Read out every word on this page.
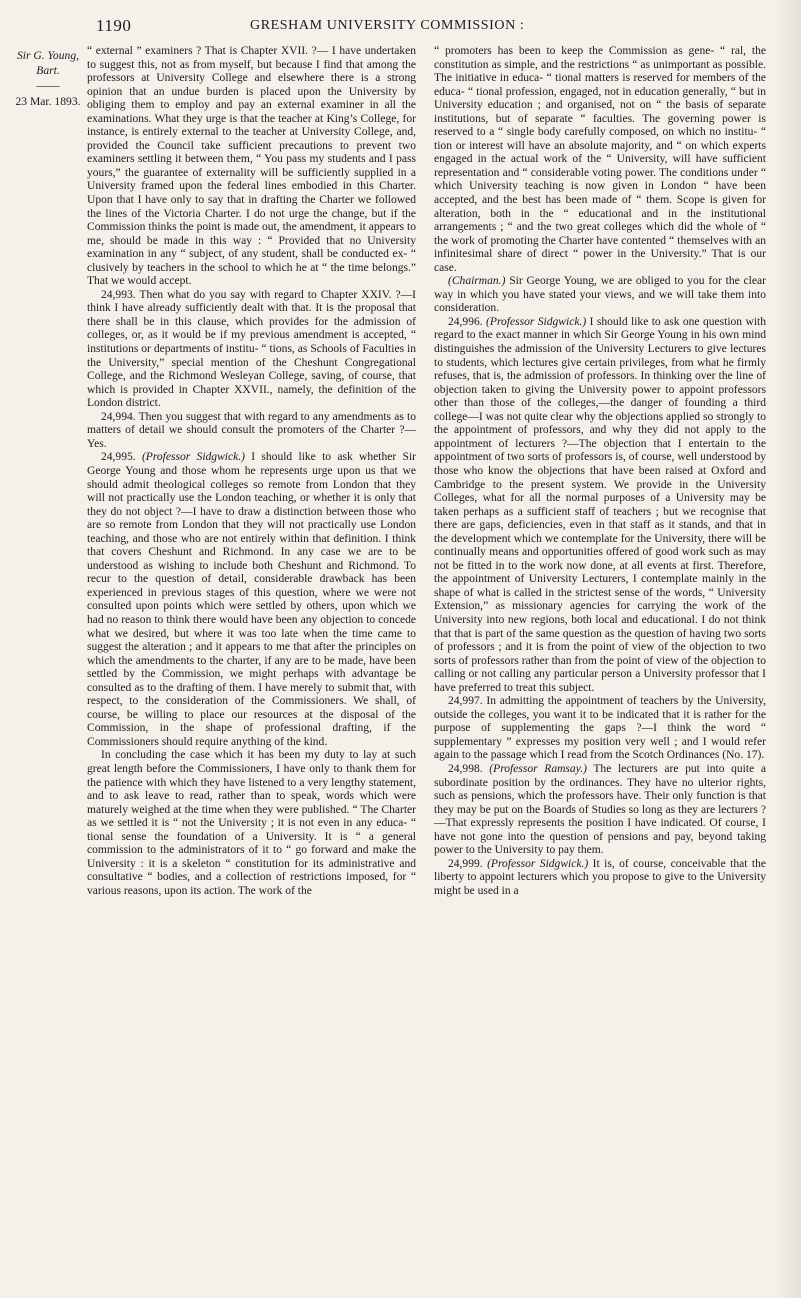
1190	GRESHAM UNIVERSITY COMMISSION :
Sir G. Young, Bart.
——
23 Mar. 1893.

“ external ” examiners ? That is Chapter XVII. ?— I have undertaken to suggest this, not as from myself, but because I find that among the professors at University College and elsewhere there is a strong opinion that an undue burden is placed upon the University by obliging them to employ and pay an external examiner in all the examinations. What they urge is that the teacher at King’s College, for instance, is entirely external to the teacher at University College, and, provided the Council take sufficient precautions to prevent two examiners settling it between them, “ You pass my students and I pass yours,” the guarantee of externality will be sufficiently supplied in a University framed upon the federal lines embodied in this Charter. Upon that I have only to say that in drafting the Charter we followed the lines of the Victoria Charter. I do not urge the change, but if the Commission thinks the point is made out, the amendment, it appears to me, should be made in this way : “ Provided that no University examination in any “ subject, of any student, shall be conducted ex- “ clusively by teachers in the school to which he at “ the time belongs.” That we would accept.

24,993. Then what do you say with regard to Chapter XXIV. ?—I think I have already sufficiently dealt with that. It is the proposal that there shall be in this clause, which provides for the admission of colleges, or, as it would be if my previous amendment is accepted, “ institutions or departments of institu- “ tions, as Schools of Faculties in the University,” special mention of the Cheshunt Congregational College, and the Richmond Wesleyan College, saving, of course, that which is provided in Chapter XXVII., namely, the definition of the London district.

24,994. Then you suggest that with regard to any amendments as to matters of detail we should consult the promoters of the Charter ?—Yes.

24,995. (Professor Sidgwick.) I should like to ask whether Sir George Young and those whom he represents urge upon us that we should admit theological colleges so remote from London that they will not practically use the London teaching, or whether it is only that they do not object ?—I have to draw a distinction between those who are so remote from London that they will not practically use London teaching, and those who are not entirely within that definition. I think that covers Cheshunt and Richmond. In any case we are to be understood as wishing to include both Cheshunt and Richmond. To recur to the question of detail, considerable drawback has been experienced in previous stages of this question, where we were not consulted upon points which were settled by others, upon which we had no reason to think there would have been any objection to concede what we desired, but where it was too late when the time came to suggest the alteration ; and it appears to me that after the principles on which the amendments to the charter, if any are to be made, have been settled by the Commission, we might perhaps with advantage be consulted as to the drafting of them. I have merely to submit that, with respect, to the consideration of the Commissioners. We shall, of course, be willing to place our resources at the disposal of the Commission, in the shape of professional drafting, if the Commissioners should require anything of the kind.

In concluding the case which it has been my duty to lay at such great length before the Commissioners, I have only to thank them for the patience with which they have listened to a very lengthy statement, and to ask leave to read, rather than to speak, words which were maturely weighed at the time when they were published. “ The Charter as we settled it is “ not the University ; it is not even in any educa- “ tional sense the foundation of a University. It is “ a general commission to the administrators of it to “ go forward and make the University : it is a skeleton “ constitution for its administrative and consultative “ bodies, and a collection of restrictions imposed, for “ various reasons, upon its action. The work of the

“ promoters has been to keep the Commission as gene- “ ral, the constitution as simple, and the restrictions “ as unimportant as possible. The initiative in educa- “ tional matters is reserved for members of the educa- “ tional profession, engaged, not in education generally, “ but in University education ; and organised, not on “ the basis of separate institutions, but of separate “ faculties. The governing power is reserved to a “ single body carefully composed, on which no institu- “ tion or interest will have an absolute majority, and “ on which experts engaged in the actual work of the “ University, will have sufficient representation and “ considerable voting power. The conditions under “ which University teaching is now given in London “ have been accepted, and the best has been made of “ them. Scope is given for alteration, both in the “ educational and in the institutional arrangements ; “ and the two great colleges which did the whole of “ the work of promoting the Charter have contented “ themselves with an infinitesimal share of direct “ power in the University.” That is our case.

(Chairman.) Sir George Young, we are obliged to you for the clear way in which you have stated your views, and we will take them into consideration.

24,996. (Professor Sidgwick.) I should like to ask one question with regard to the exact manner in which Sir George Young in his own mind distinguishes the admission of the University Lecturers to give lectures to students, which lectures give certain privileges, from what he firmly refuses, that is, the admission of professors. In thinking over the line of objection taken to giving the University power to appoint professors other than those of the colleges,—the danger of founding a third college—I was not quite clear why the objections applied so strongly to the appointment of professors, and why they did not apply to the appointment of lecturers ?—The objection that I entertain to the appointment of two sorts of professors is, of course, well understood by those who know the objections that have been raised at Oxford and Cambridge to the present system. We provide in the University Colleges, what for all the normal purposes of a University may be taken perhaps as a sufficient staff of teachers ; but we recognise that there are gaps, deficiencies, even in that staff as it stands, and that in the development which we contemplate for the University, there will be continually means and opportunities offered of good work such as may not be fitted in to the work now done, at all events at first. Therefore, the appointment of University Lecturers, I contemplate mainly in the shape of what is called in the strictest sense of the words, “ University Extension,” as missionary agencies for carrying the work of the University into new regions, both local and educational. I do not think that that is part of the same question as the question of having two sorts of professors ; and it is from the point of view of the objection to two sorts of professors rather than from the point of view of the objection to calling or not calling any particular person a University professor that I have preferred to treat this subject.

24,997. In admitting the appointment of teachers by the University, outside the colleges, you want it to be indicated that it is rather for the purpose of supplementing the gaps ?—I think the word “ supplementary ” expresses my position very well ; and I would refer again to the passage which I read from the Scotch Ordinances (No. 17).

24,998. (Professor Ramsay.) The lecturers are put into quite a subordinate position by the ordinances. They have no ulterior rights, such as pensions, which the professors have. Their only function is that they may be put on the Boards of Studies so long as they are lecturers ?—That expressly represents the position I have indicated. Of course, I have not gone into the question of pensions and pay, beyond taking power to the University to pay them.

24,999. (Professor Sidgwick.) It is, of course, conceivable that the liberty to appoint lecturers which you propose to give to the University might be used in a
